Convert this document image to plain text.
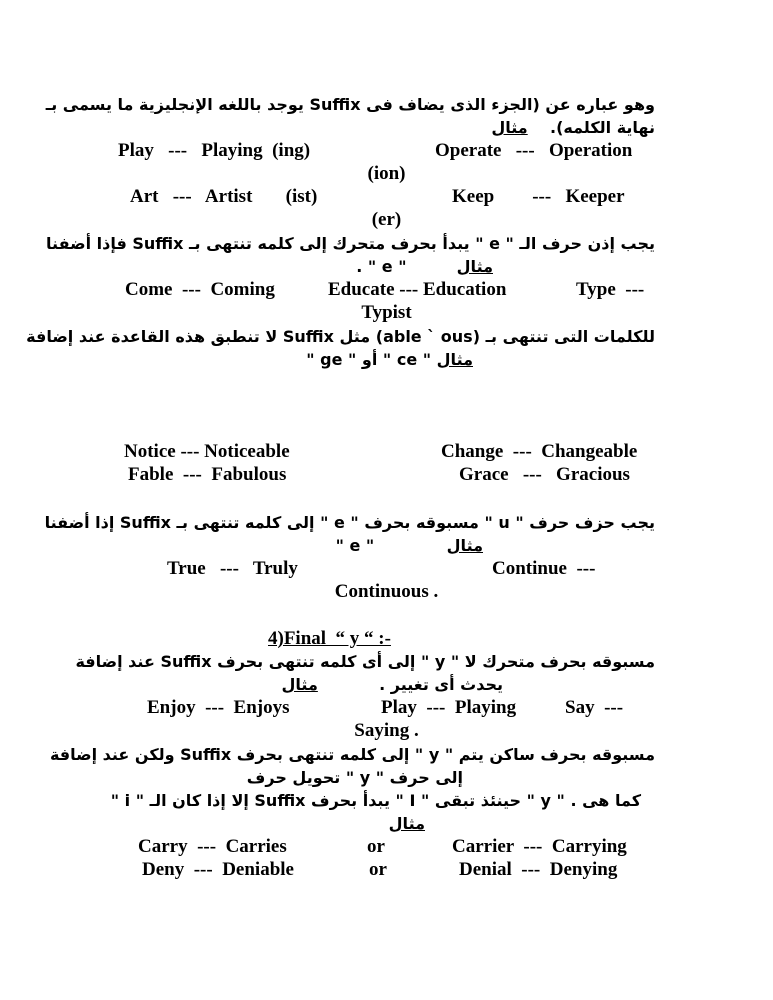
وهو عباره عن (الجزء الذى يضاف فى Suffix يوجد باللغه الإنجليزية ما يسمى بـ
نهاية الكلمه).    مثال
Play   ---   Playing  (ing)	Operate   ---   Operation
(ion)
Art   ---   Artist       (ist)	Keep        ---   Keeper
(er)
يجب إذن حرف الـ " e " يبدأ بحرف متحرك إلى كلمه تنتهى بـ Suffix فإذا أضفنا
مثال         " e " .
Come  ---  Coming	Educate --- Education	Type  ---
Typist
للكلمات التى تنتهى بـ (able ` ous) مثل Suffix لا تنطبق هذه القاعدة عند إضافة
مثال " ce " أو " ge "
Notice --- Noticeable	Change  ---  Changeable
Fable  ---  Fabulous	Grace   ---   Gracious
يجب حزف حرف " u " مسبوقه بحرف " e " إلى كلمه تنتهى بـ Suffix إذا أضفنا
مثال             " e "
True   ---   Truly	Continue  ---
Continuous .
4)Final  “ y “ :-
مسبوقه بحرف متحرك لا " y " إلى أى كلمه تنتهى بحرف Suffix عند إضافة
يحدث أى تغيير .           مثال
Enjoy  ---  Enjoys	Play  ---  Playing	Say  ---
Saying .
مسبوقه بحرف ساكن يتم " y " إلى كلمه تنتهى بحرف Suffix ولكن عند إضافة
إلى حرف " y " تحويل حرف
كما هى . " y " حينئذ تبقى " I " يبدأ بحرف Suffix إلا إذا كان الـ " i "
مثال
Carry  ---  Carries	or	Carrier  ---  Carrying
Deny  ---  Deniable	or	Denial  ---  Denying
